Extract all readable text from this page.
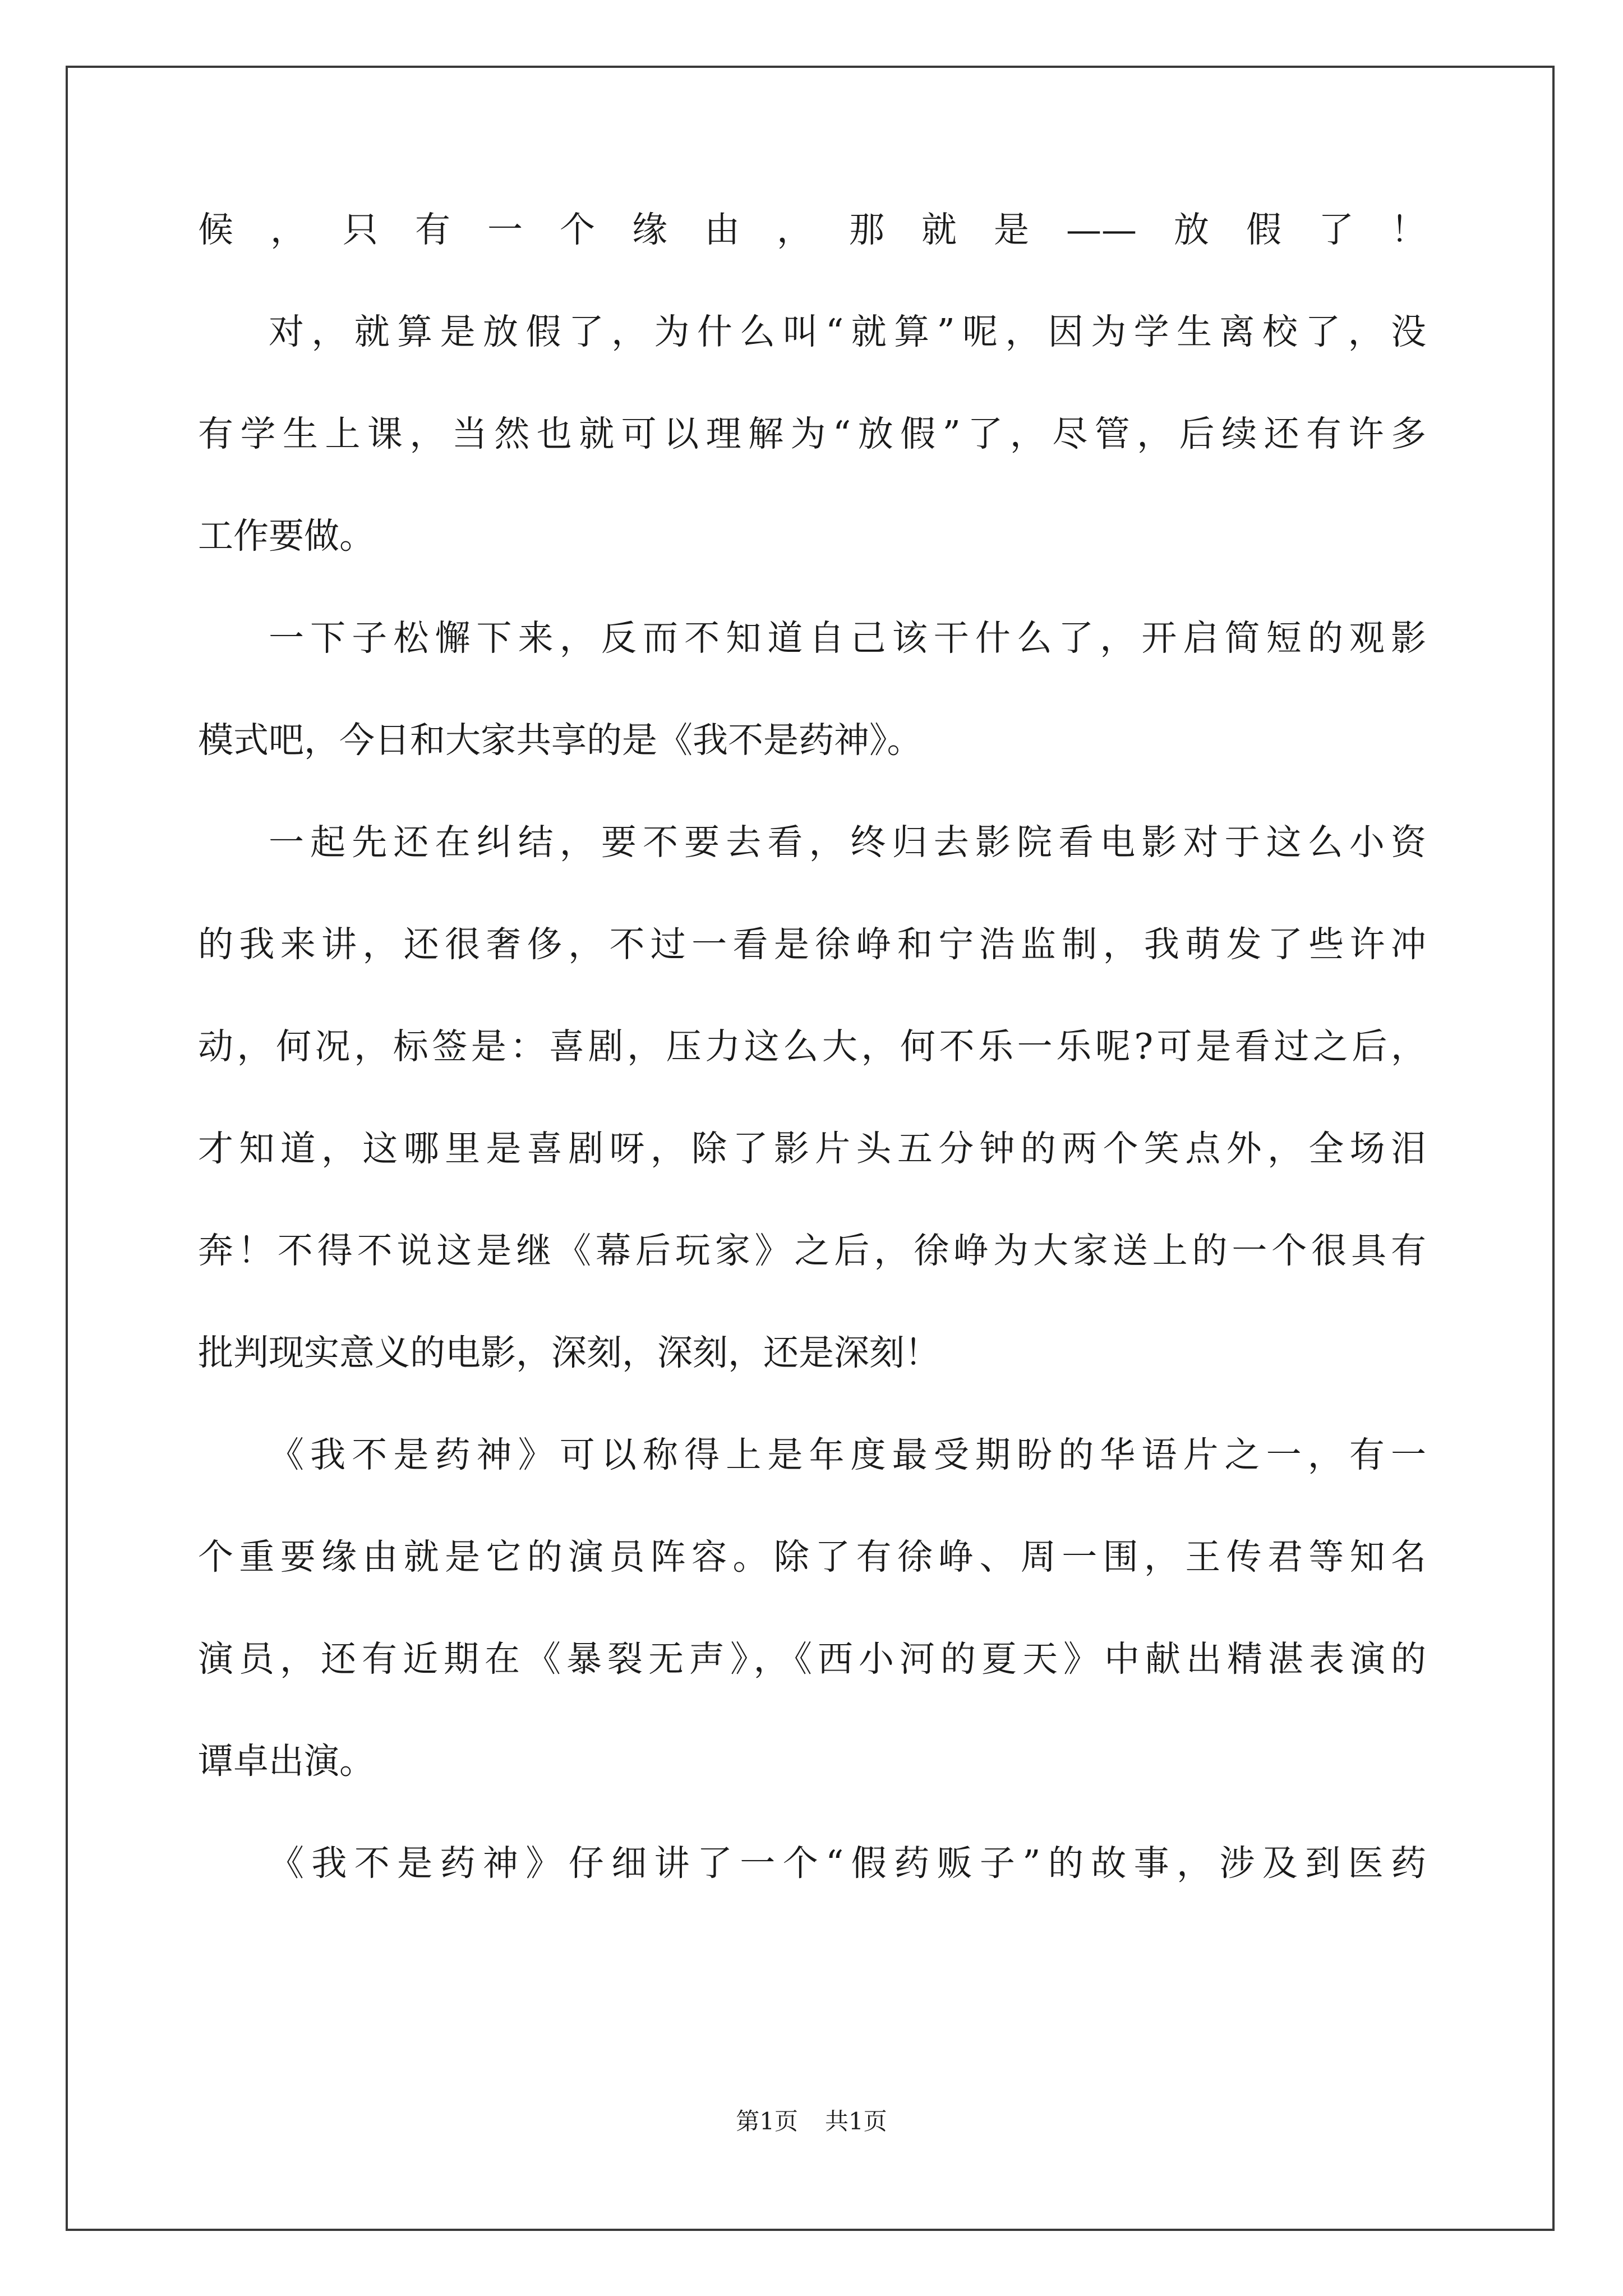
候，只有一个缘由，那就是——放假了！
对，就算是放假了，为什么叫“就算”呢，因为学生离校了，没
有学生上课，当然也就可以理解为“放假”了，尽管，后续还有许多
工作要做。
一下子松懈下来，反而不知道自己该干什么了，开启简短的观影
模式吧，今日和大家共享的是《我不是药神》。
一起先还在纠结，要不要去看，终归去影院看电影对于这么小资
的我来讲，还很奢侈，不过一看是徐峥和宁浩监制，我萌发了些许冲
动，何况，标签是：喜剧，压力这么大，何不乐一乐呢?可是看过之后，
才知道，这哪里是喜剧呀，除了影片头五分钟的两个笑点外，全场泪
奔！不得不说这是继《幕后玩家》之后，徐峥为大家送上的一个很具有
批判现实意义的电影，深刻，深刻，还是深刻！
《我不是药神》可以称得上是年度最受期盼的华语片之一，有一
个重要缘由就是它的演员阵容。除了有徐峥、周一围，王传君等知名
演员，还有近期在《暴裂无声》，《西小河的夏天》中献出精湛表演的
谭卓出演。
《我不是药神》仔细讲了一个“假药贩子”的故事，涉及到医药
第1页 共1页
